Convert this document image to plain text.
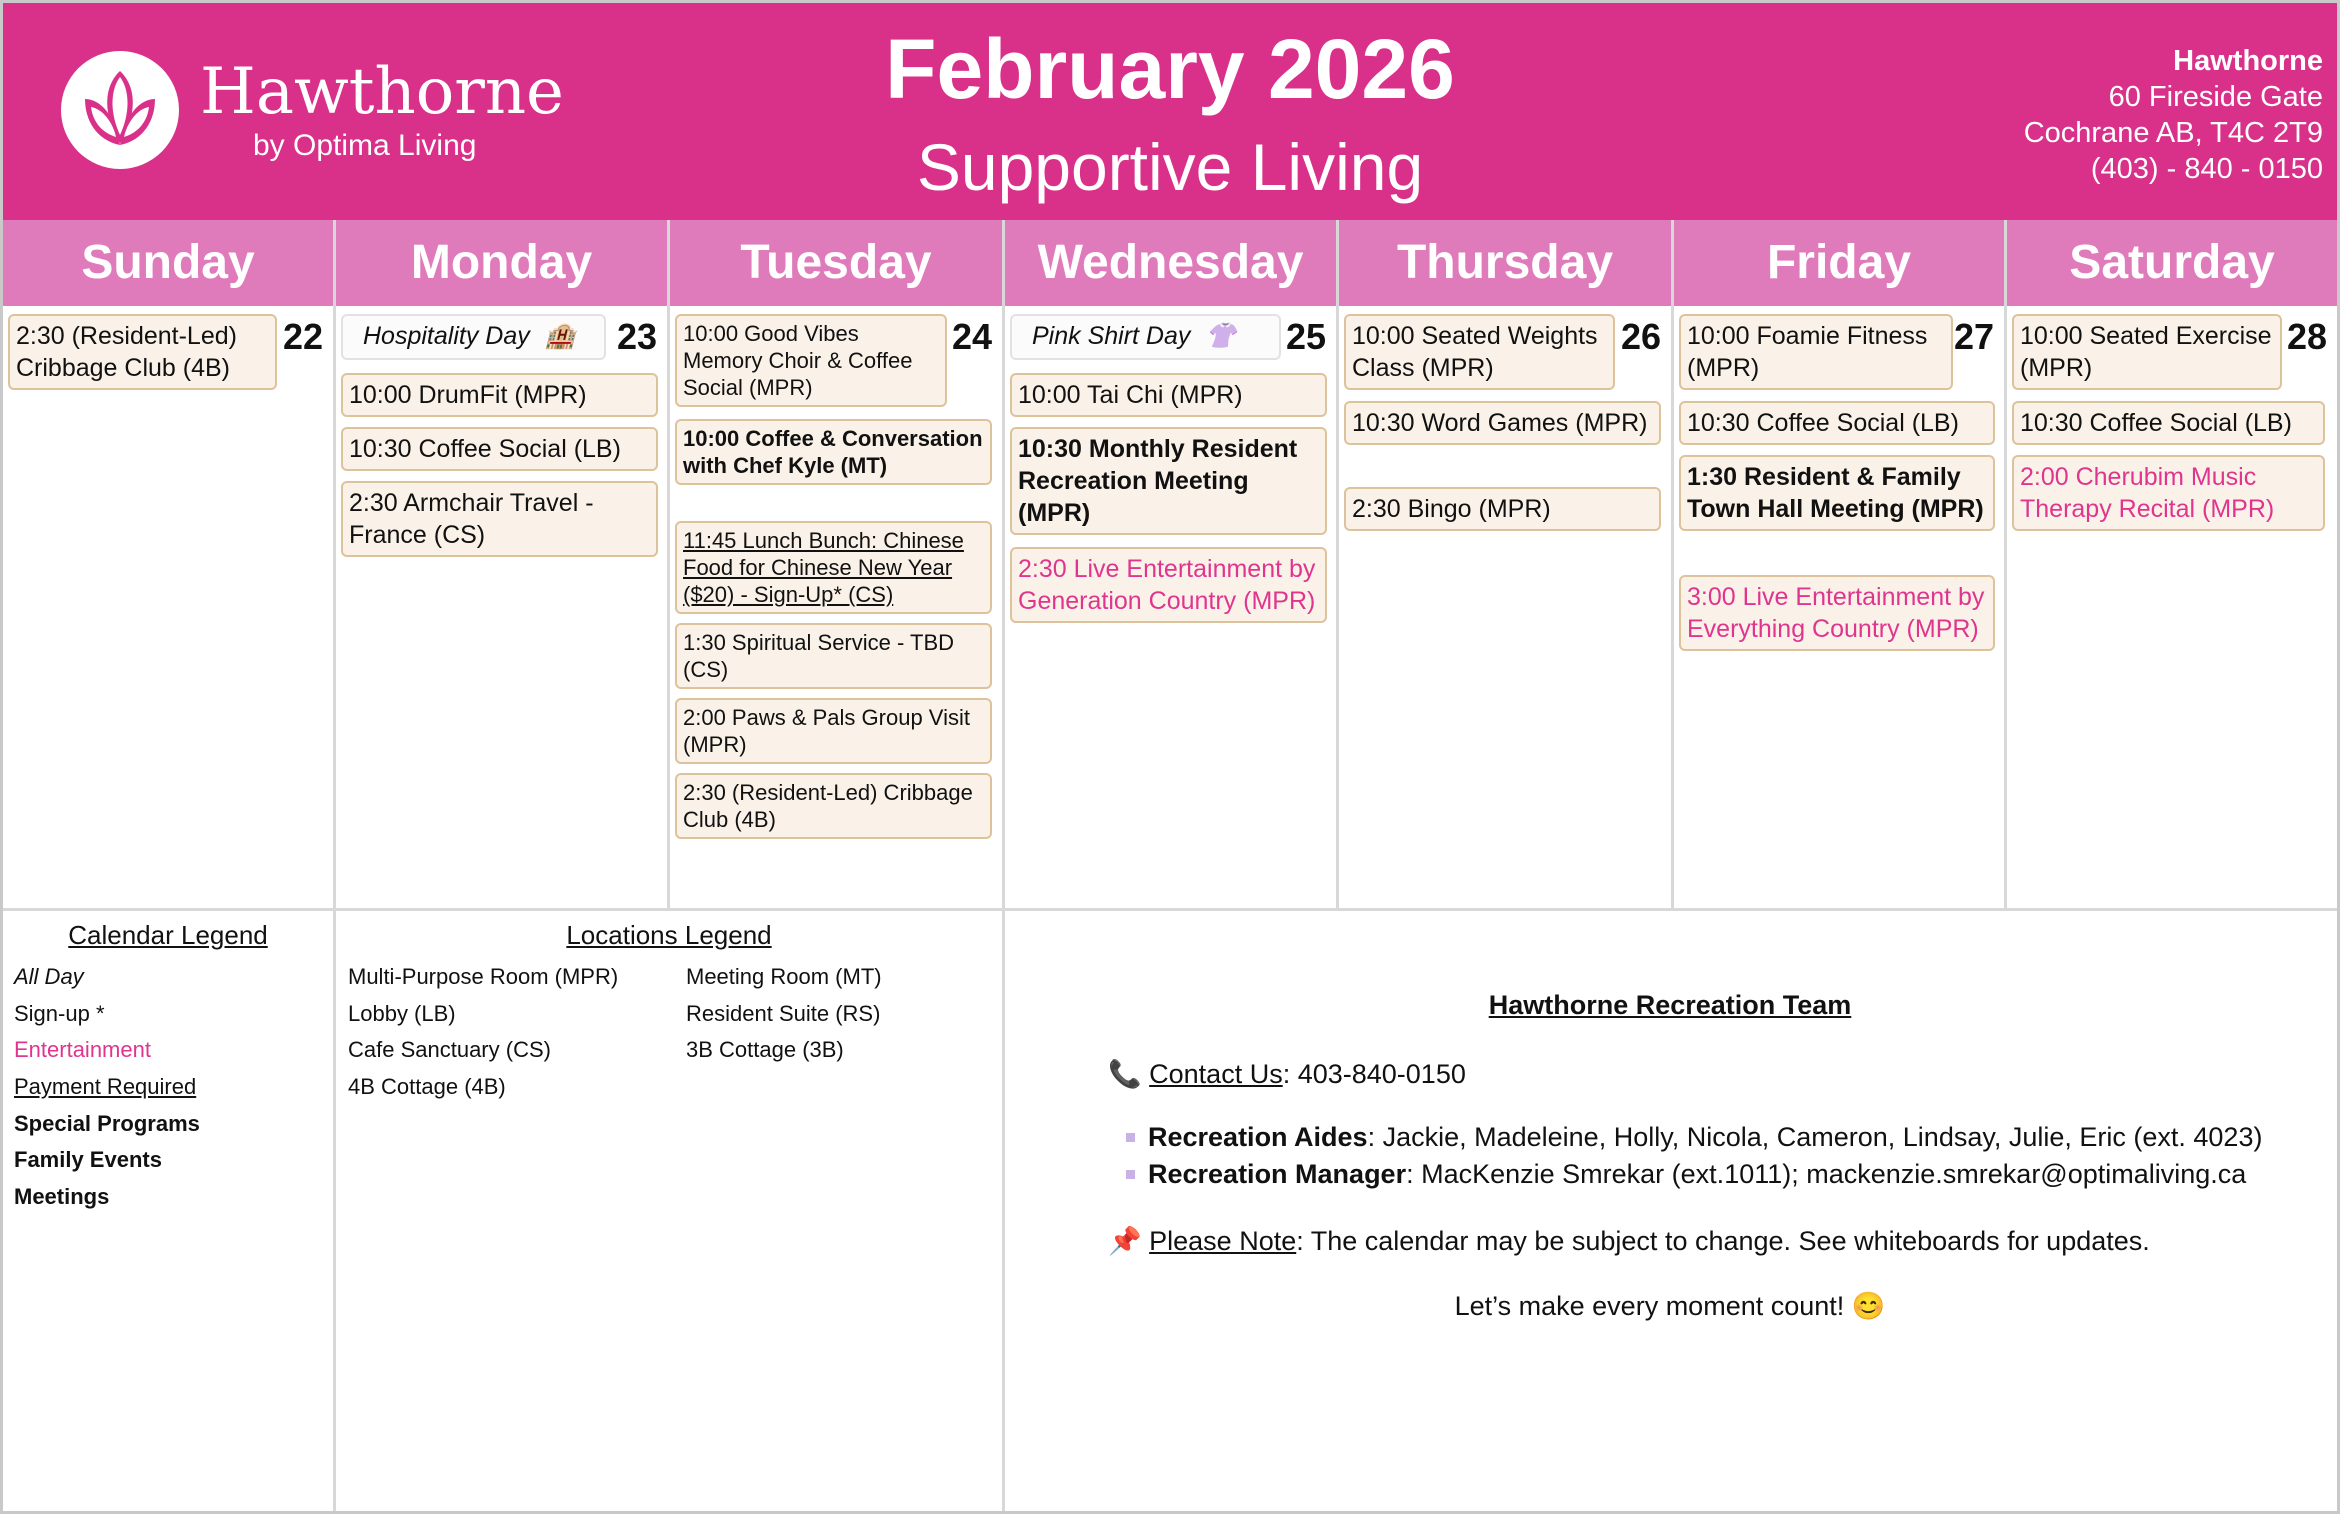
Hawthorne
by Optima Living
February 2026
Supportive Living
Hawthorne
60 Fireside Gate
Cochrane AB, T4C 2T9
(403) - 840 - 0150
Sunday	Monday	Tuesday	Wednesday	Thursday	Friday	Saturday
22
2:30 (Resident-Led) Cribbage Club (4B)
23
Hospitality Day 🏨
10:00 DrumFit (MPR)
10:30 Coffee Social (LB)
2:30 Armchair Travel - France (CS)
24
10:00 Good Vibes Memory Choir & Coffee Social (MPR)
10:00 Coffee & Conversation with Chef Kyle (MT)
11:45 Lunch Bunch: Chinese Food for Chinese New Year ($20) - Sign-Up* (CS)
1:30 Spiritual Service - TBD (CS)
2:00 Paws & Pals Group Visit (MPR)
2:30 (Resident-Led) Cribbage Club (4B)
25
Pink Shirt Day 👚
10:00 Tai Chi (MPR)
10:30 Monthly Resident Recreation Meeting (MPR)
2:30 Live Entertainment by Generation Country (MPR)
26
10:00 Seated Weights Class (MPR)
10:30 Word Games (MPR)
2:30 Bingo (MPR)
27
10:00 Foamie Fitness (MPR)
10:30 Coffee Social (LB)
1:30 Resident & Family Town Hall Meeting (MPR)
3:00 Live Entertainment by Everything Country (MPR)
28
10:00 Seated Exercise (MPR)
10:30 Coffee Social (LB)
2:00 Cherubim Music Therapy Recital (MPR)
Calendar Legend
All Day
Sign-up *
Entertainment
Payment Required
Special Programs
Family Events
Meetings
Locations Legend
Multi-Purpose Room (MPR)
Lobby (LB)
Cafe Sanctuary (CS)
4B Cottage (4B)
Meeting Room (MT)
Resident Suite (RS)
3B Cottage (3B)
Hawthorne Recreation Team
📞 Contact Us: 403-840-0150
Recreation Aides: Jackie, Madeleine, Holly, Nicola, Cameron, Lindsay, Julie, Eric (ext. 4023)
Recreation Manager: MacKenzie Smrekar (ext.1011); mackenzie.smrekar@optimaliving.ca
📌 Please Note: The calendar may be subject to change. See whiteboards for updates.
Let’s make every moment count! 😊
